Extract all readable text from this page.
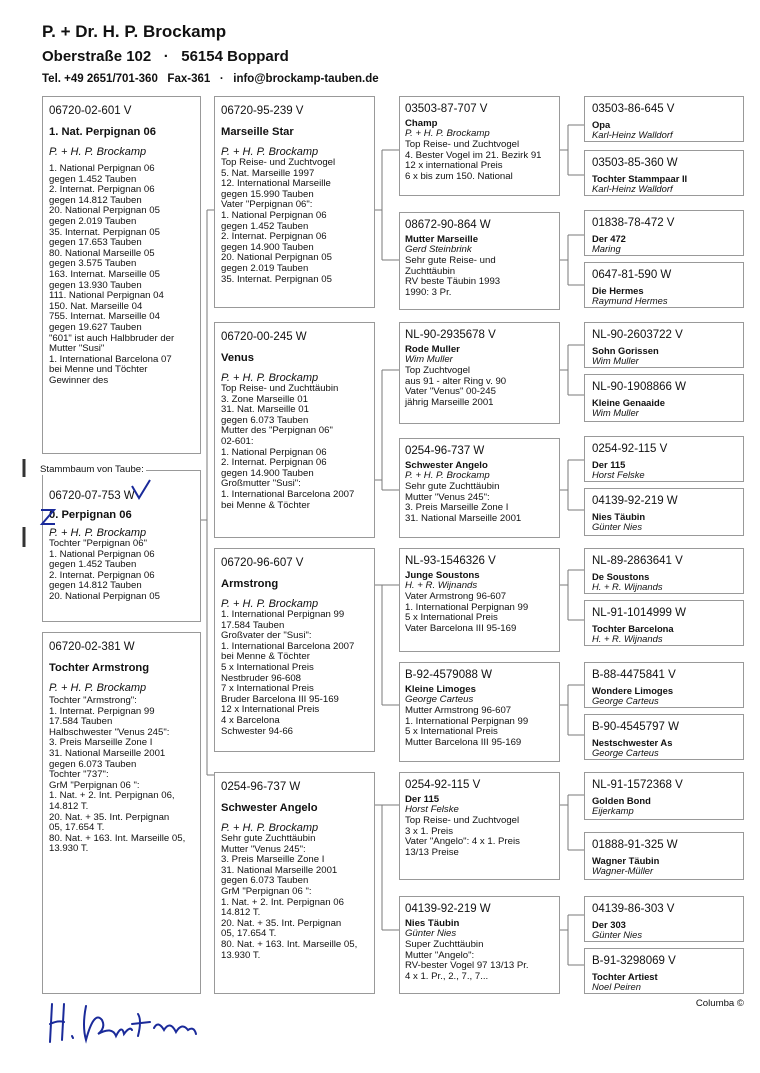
P. + Dr. H. P. Brockamp
Oberstraße 102   ·   56154 Boppard
Tel. +49 2651/701-360   Fax-361   ·   info@brockamp-tauben.de
06720-02-601 V
1. Nat. Perpignan 06
P. + H. P. Brockamp
1. National Perpignan 06
gegen 1.452 Tauben
2. Internat. Perpignan 06
gegen 14.812 Tauben
20. National Perpignan 05
gegen 2.019 Tauben
35. Internat. Perpignan 05
gegen 17.653 Tauben
80. National Marseille 05
gegen 3.575 Tauben
163. Internat. Marseille 05
gegen 13.930 Tauben
111. National Perpignan 04
150. Nat. Marseille 04
755. Internat. Marseille 04
gegen 19.627 Tauben
"601" ist auch Halbbruder der
Mutter "Susi"
1. International Barcelona 07
bei Menne und Töchter
Gewinner des
06720-07-753 W
0. Perpignan 06
P. + H. P. Brockamp
Tochter "Perpignan 06"
1. National Perpignan 06
gegen 1.452 Tauben
2. Internat. Perpignan 06
gegen 14.812 Tauben
20. National Perpignan 05
Stammbaum von Taube:
06720-02-381 W
Tochter Armstrong
P. + H. P. Brockamp
Tochter "Armstrong":
1. Internat. Perpignan 99
17.584 Tauben
Halbschwester "Venus 245":
3. Preis Marseille Zone I
31. National Marseille 2001
gegen 6.073 Tauben
Tochter "737":
GrM "Perpignan 06 ":
1. Nat. + 2. Int. Perpignan 06,
14.812 T.
20. Nat. + 35. Int. Perpignan
05, 17.654 T.
80. Nat. + 163. Int. Marseille 05,
13.930 T.
06720-95-239 V
Marseille Star
P. + H. P. Brockamp
Top Reise- und Zuchtvogel
5. Nat. Marseille 1997
12. International Marseille
gegen 15.990 Tauben
Vater "Perpignan 06":
1. National Perpignan 06
gegen 1.452 Tauben
2. Internat. Perpignan 06
gegen 14.900 Tauben
20. National Perpignan 05
gegen 2.019 Tauben
35. Internat. Perpignan 05
06720-00-245 W
Venus
P. + H. P. Brockamp
Top Reise- und Zuchttäubin
3. Zone Marseille 01
31. Nat. Marseille 01
gegen 6.073 Tauben
Mutter des "Perpignan 06"
02-601:
1. National Perpignan 06
2. Internat. Perpignan 06
gegen 14.900 Tauben
Großmutter "Susi":
1. International Barcelona 2007
bei Menne & Töchter
06720-96-607 V
Armstrong
P. + H. P. Brockamp
1. International Perpignan 99
17.584 Tauben
Großvater der "Susi":
1. International Barcelona 2007
bei Menne & Töchter
5 x International Preis
Nestbruder 96-608
7 x International Preis
Bruder Barcelona III 95-169
12 x International Preis
4 x Barcelona
Schwester 94-66
0254-96-737 W
Schwester Angelo
P. + H. P. Brockamp
Sehr gute Zuchttäubin
Mutter "Venus 245":
3. Preis Marseille Zone I
31. National Marseille 2001
gegen 6.073 Tauben
GrM "Perpignan 06 ":
1. Nat. + 2. Int. Perpignan 06
14.812 T.
20. Nat. + 35. Int. Perpignan
05, 17.654 T.
80. Nat. + 163. Int. Marseille 05,
13.930 T.
03503-87-707 V
Champ
P. + H. P. Brockamp
Top Reise- und Zuchtvogel
4. Bester Vogel im 21. Bezirk 91
12 x international Preis
6 x bis zum 150. National
08672-90-864 W
Mutter Marseille
Gerd Steinbrink
Sehr gute Reise- und
Zuchttäubin
RV beste Täubin 1993
1990: 3 Pr.
NL-90-2935678 V
Rode Muller
Wim Muller
Top Zuchtvogel
aus 91 - alter Ring v. 90
Vater "Venus" 00-245
jährig Marseille 2001
0254-96-737 W
Schwester Angelo
P. + H. P. Brockamp
Sehr gute Zuchttäubin
Mutter "Venus 245":
3. Preis Marseille Zone I
31. National Marseille 2001
NL-93-1546326 V
Junge Soustons
H. + R. Wijnands
Vater Armstrong 96-607
1. International Perpignan 99
5 x International Preis
Vater Barcelona III 95-169
B-92-4579088 W
Kleine Limoges
George Carteus
Mutter Armstrong 96-607
1. International Perpignan 99
5 x International Preis
Mutter Barcelona III 95-169
0254-92-115 V
Der 115
Horst Felske
Top Reise- und Zuchtvogel
3 x 1. Preis
Vater "Angelo": 4 x 1. Preis
13/13 Preise
04139-92-219 W
Nies Täubin
Günter Nies
Super Zuchttäubin
Mutter "Angelo":
RV-bester Vogel 97 13/13 Pr.
4 x 1. Pr., 2., 7., 7...
03503-86-645 V
Opa
Karl-Heinz Walldorf
03503-85-360 W
Tochter Stammpaar II
Karl-Heinz Walldorf
01838-78-472 V
Der 472
Maring
0647-81-590 W
Die Hermes
Raymund Hermes
NL-90-2603722 V
Sohn Gorissen
Wim Muller
NL-90-1908866 W
Kleine Genaaide
Wim Muller
0254-92-115 V
Der 115
Horst Felske
04139-92-219 W
Nies Täubin
Günter Nies
NL-89-2863641 V
De Soustons
H. + R. Wijnands
NL-91-1014999 W
Tochter Barcelona
H. + R. Wijnands
B-88-4475841 V
Wondere Limoges
George Carteus
B-90-4545797 W
Nestschwester As
George Carteus
NL-91-1572368 V
Golden Bond
Eijerkamp
01888-91-325 W
Wagner Täubin
Wagner-Müller
04139-86-303 V
Der 303
Günter Nies
B-91-3298069 V
Tochter Artiest
Noel Peiren
Columba ©
